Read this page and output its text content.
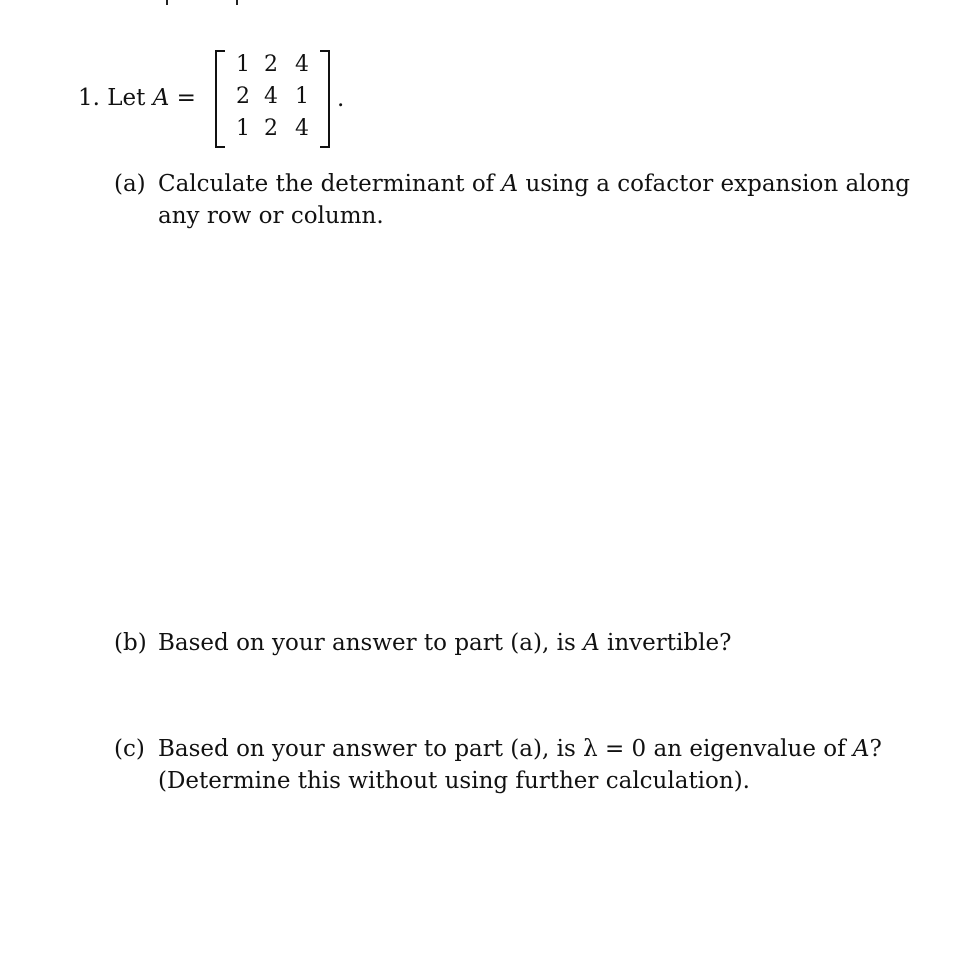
1. Let A =
1 2 4
2 4 1
1 2 4
.
(a) Calculate the determinant of A using a cofactor expansion along
any row or column.
(b) Based on your answer to part (a), is A invertible?
(c) Based on your answer to part (a), is λ = 0 an eigenvalue of A?
(Determine this without using further calculation).
